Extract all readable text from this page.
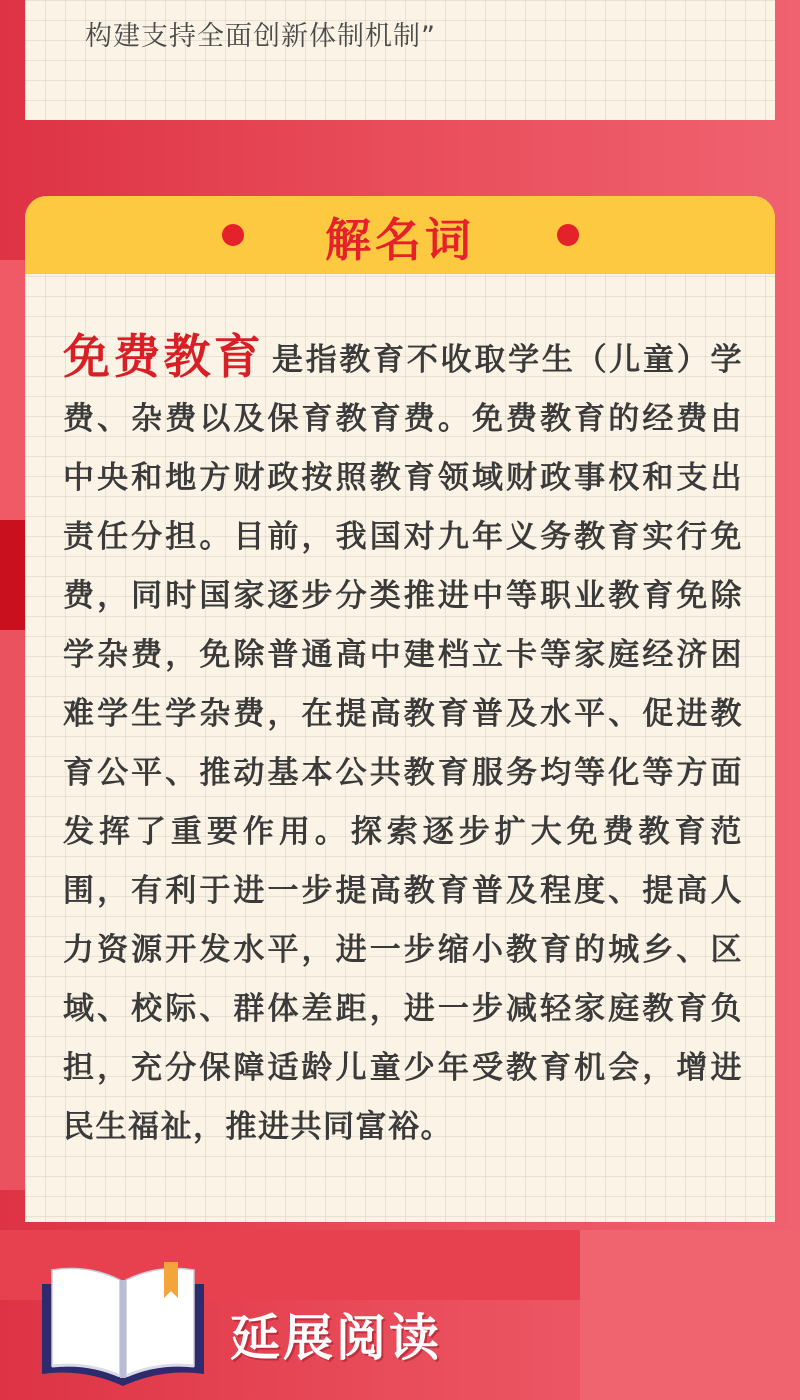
构建支持全面创新体制机制”
解名词
免费教育 是指教育不收取学生（儿童）学费、杂费以及保育教育费。免费教育的经费由中央和地方财政按照教育领域财政事权和支出责任分担。目前，我国对九年义务教育实行免费，同时国家逐步分类推进中等职业教育免除学杂费，免除普通高中建档立卡等家庭经济困难学生学杂费，在提高教育普及水平、促进教育公平、推动基本公共教育服务均等化等方面发挥了重要作用。探索逐步扩大免费教育范围，有利于进一步提高教育普及程度、提高人力资源开发水平，进一步缩小教育的城乡、区域、校际、群体差距，进一步减轻家庭教育负担，充分保障适龄儿童少年受教育机会，增进民生福祉，推进共同富裕。
延展阅读
